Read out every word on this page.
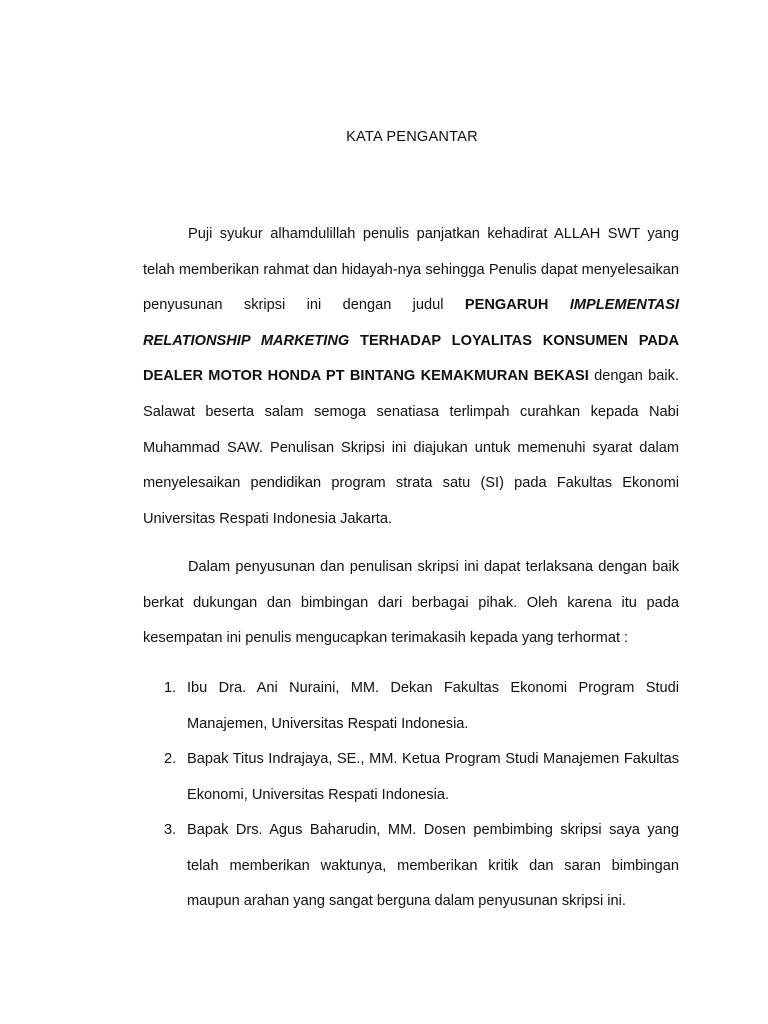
KATA PENGANTAR

Puji syukur alhamdulillah penulis panjatkan kehadirat ALLAH SWT yang telah memberikan rahmat dan hidayah-nya sehingga Penulis dapat menyelesaikan penyusunan skripsi ini dengan judul PENGARUH IMPLEMENTASI RELATIONSHIP MARKETING TERHADAP LOYALITAS KONSUMEN PADA DEALER MOTOR HONDA PT BINTANG KEMAKMURAN BEKASI dengan baik. Salawat beserta salam semoga senatiasa terlimpah curahkan kepada Nabi Muhammad SAW. Penulisan Skripsi ini diajukan untuk memenuhi syarat dalam menyelesaikan pendidikan program strata satu (SI) pada Fakultas Ekonomi Universitas Respati Indonesia Jakarta.

Dalam penyusunan dan penulisan skripsi ini dapat terlaksana dengan baik berkat dukungan dan bimbingan dari berbagai pihak. Oleh karena itu pada kesempatan ini penulis mengucapkan terimakasih kepada yang terhormat :

1. Ibu Dra. Ani Nuraini, MM. Dekan Fakultas Ekonomi Program Studi Manajemen, Universitas Respati Indonesia.
2. Bapak Titus Indrajaya, SE., MM. Ketua Program Studi Manajemen Fakultas Ekonomi, Universitas Respati Indonesia.
3. Bapak Drs. Agus Baharudin, MM. Dosen pembimbing skripsi saya yang telah memberikan waktunya, memberikan kritik dan saran bimbingan maupun arahan yang sangat berguna dalam penyusunan skripsi ini.
